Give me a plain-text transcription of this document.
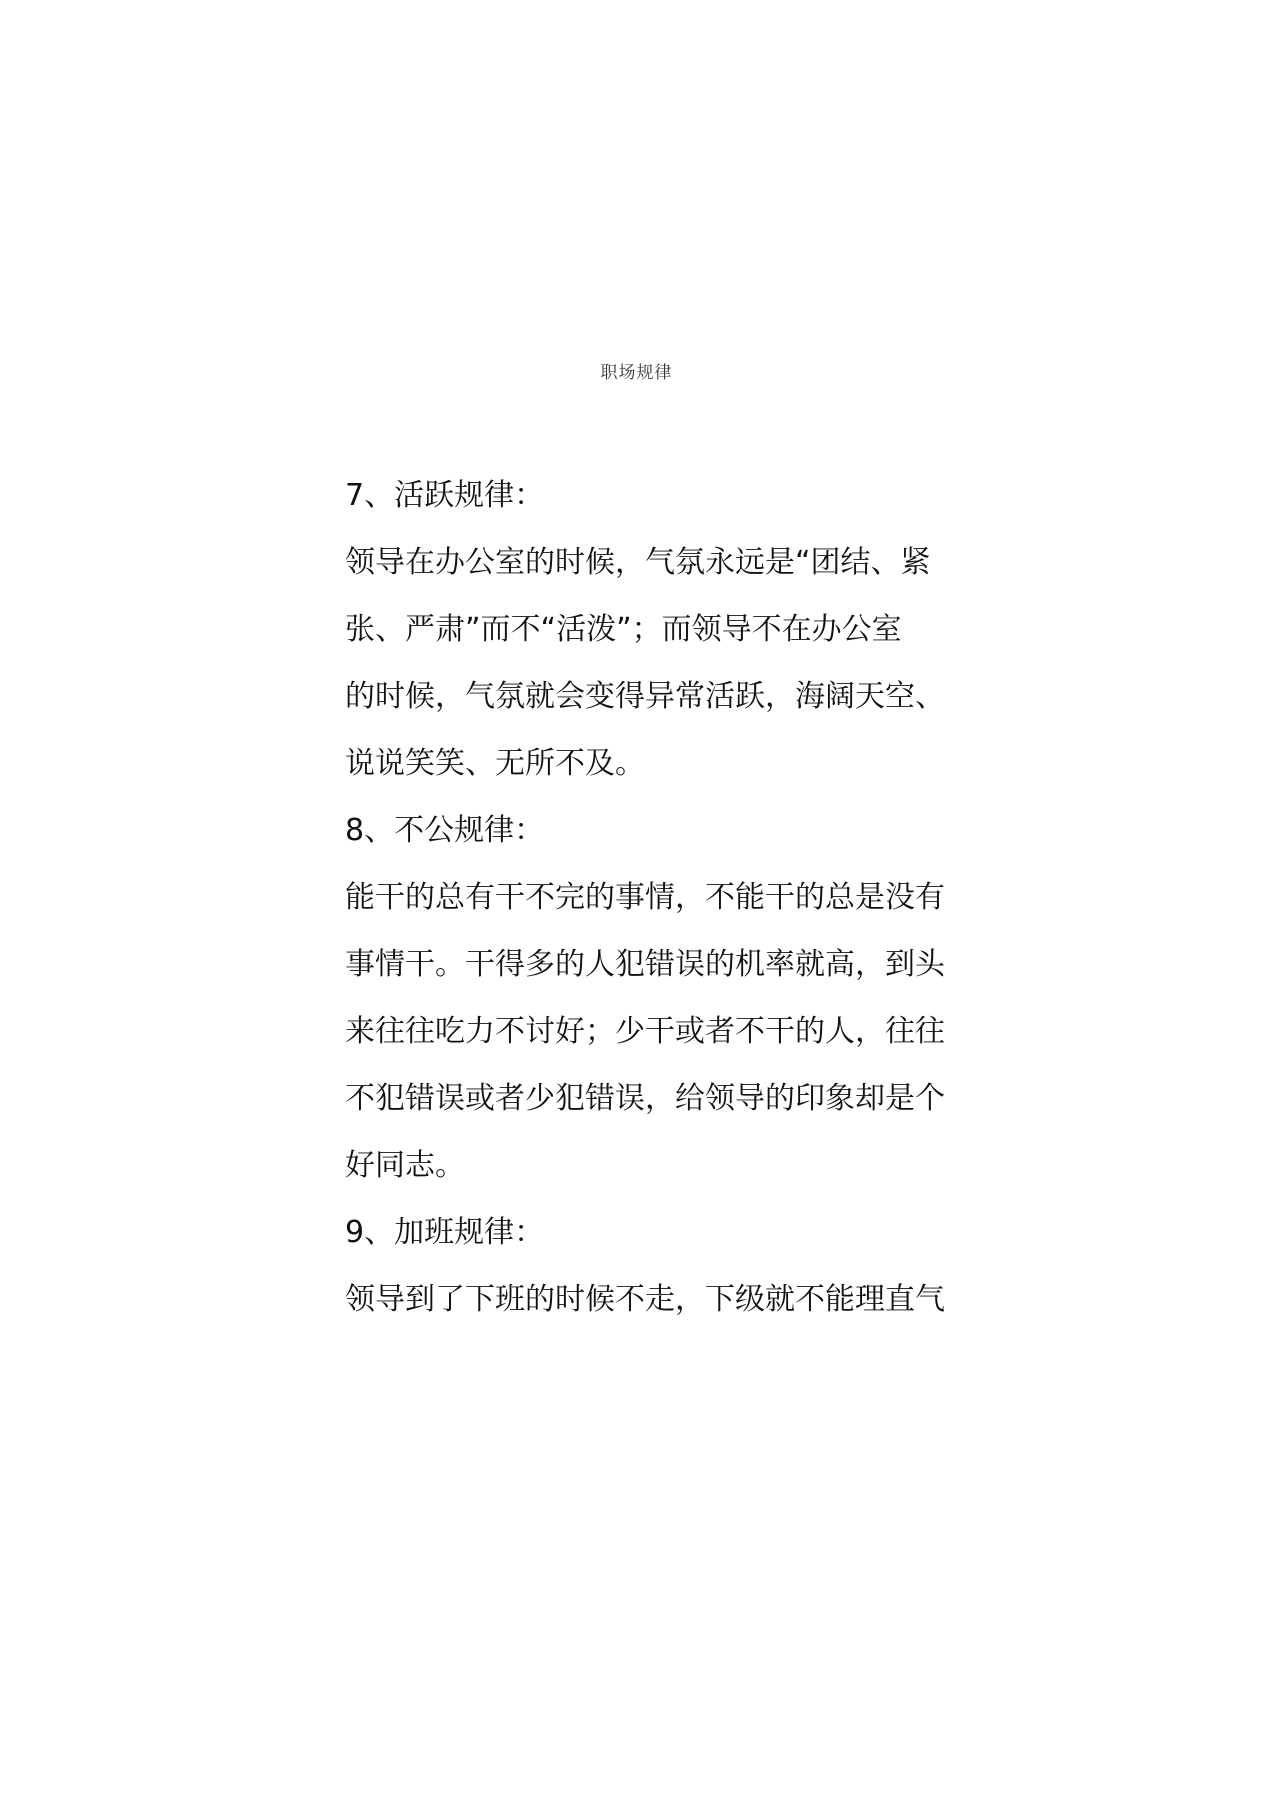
职场规律
7、活跃规律：
领导在办公室的时候，气氛永远是“团结、紧
张、严肃”而不“活泼”；而领导不在办公室
的时候，气氛就会变得异常活跃，海阔天空、
说说笑笑、无所不及。
8、不公规律：
能干的总有干不完的事情，不能干的总是没有
事情干。干得多的人犯错误的机率就高，到头
来往往吃力不讨好；少干或者不干的人，往往
不犯错误或者少犯错误，给领导的印象却是个
好同志。
9、加班规律：
领导到了下班的时候不走，下级就不能理直气
